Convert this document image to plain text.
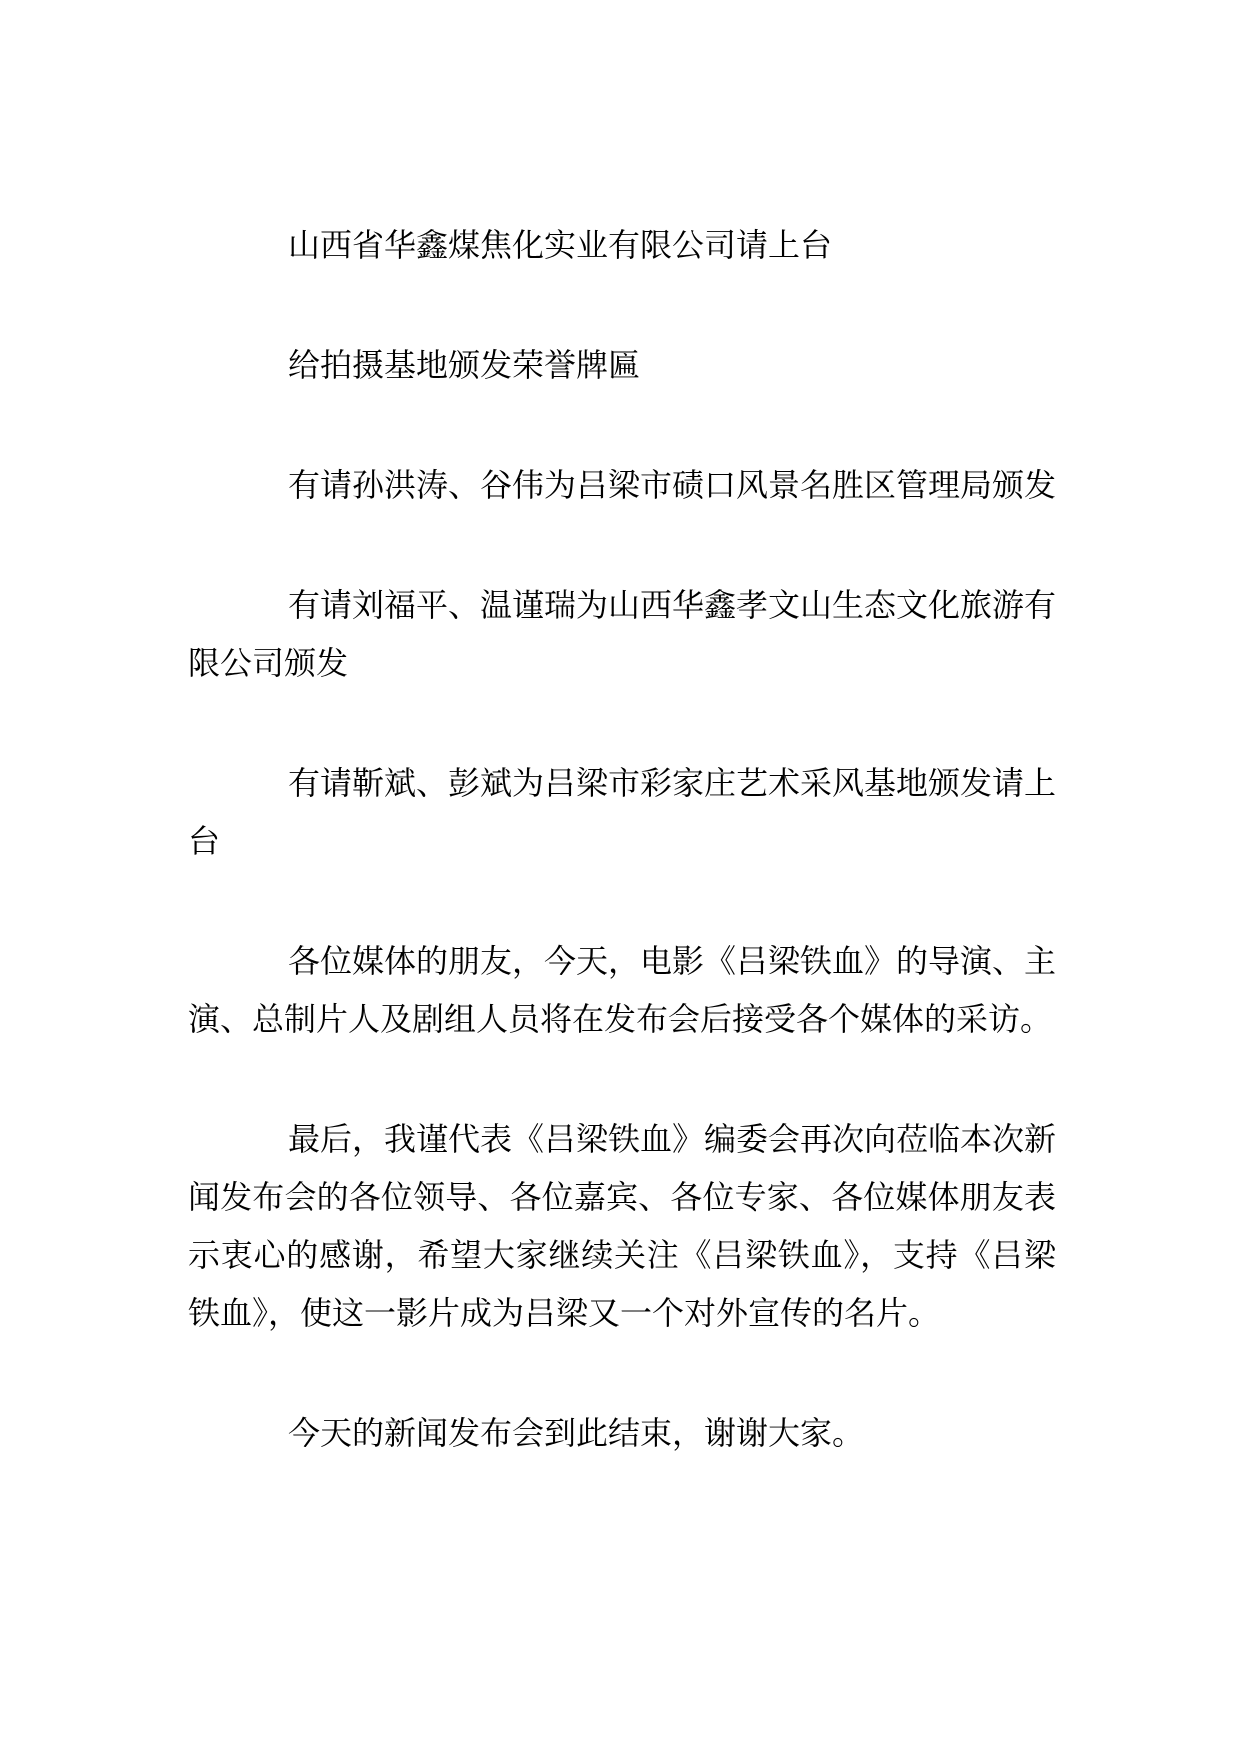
山西省华鑫煤焦化实业有限公司请上台

给拍摄基地颁发荣誉牌匾

有请孙洪涛、谷伟为吕梁市碛口风景名胜区管理局颁发

有请刘福平、温谨瑞为山西华鑫孝文山生态文化旅游有限公司颁发

有请靳斌、彭斌为吕梁市彩家庄艺术采风基地颁发请上台

各位媒体的朋友，今天，电影《吕梁铁血》的导演、主演、总制片人及剧组人员将在发布会后接受各个媒体的采访。

最后，我谨代表《吕梁铁血》编委会再次向莅临本次新闻发布会的各位领导、各位嘉宾、各位专家、各位媒体朋友表示衷心的感谢，希望大家继续关注《吕梁铁血》，支持《吕梁铁血》，使这一影片成为吕梁又一个对外宣传的名片。

今天的新闻发布会到此结束，谢谢大家。
